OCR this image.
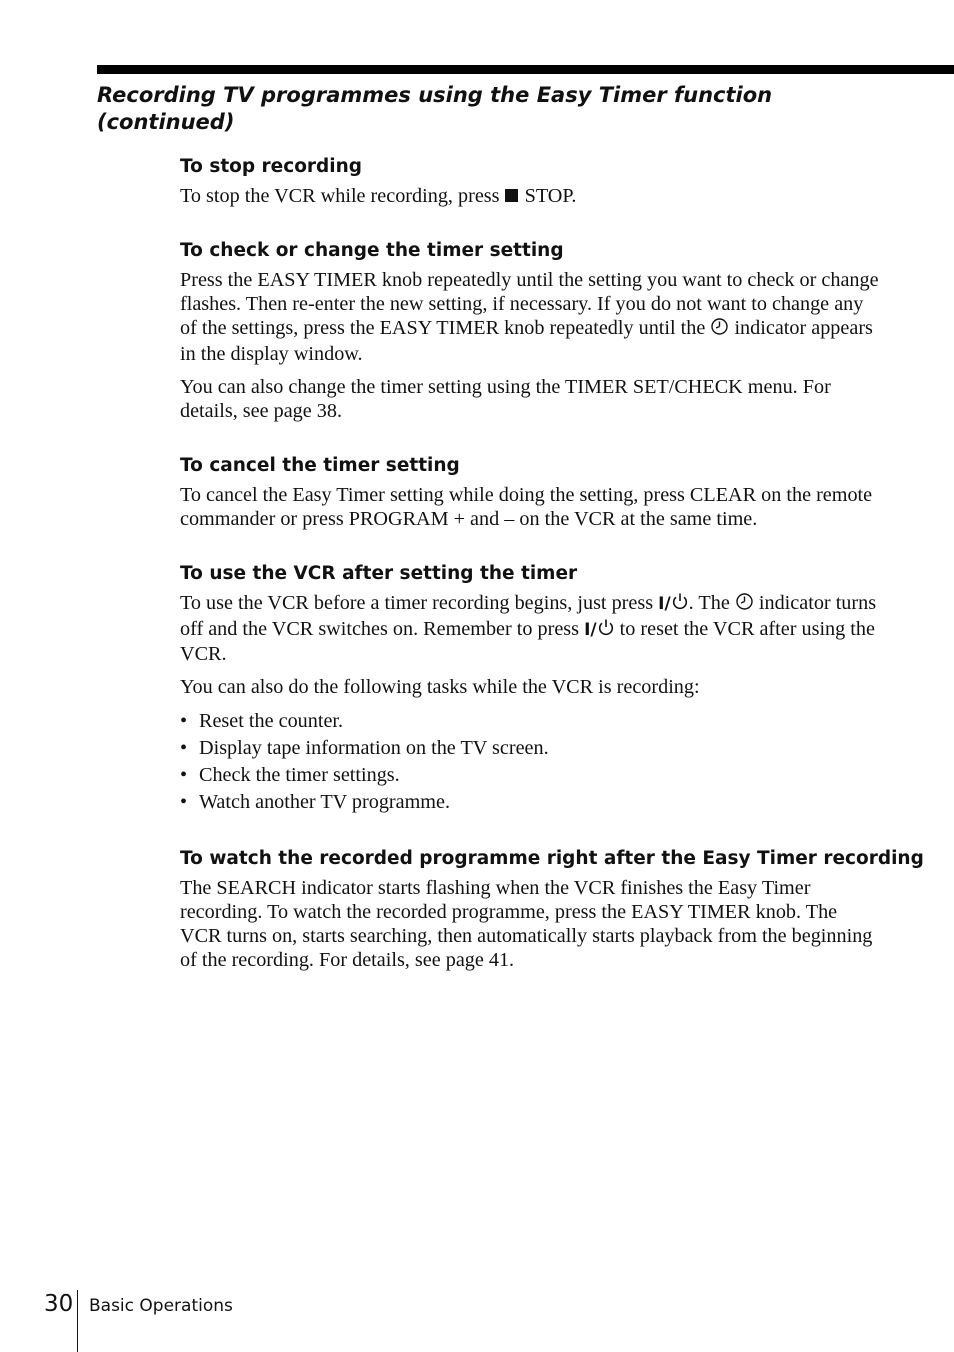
Recording TV programmes using the Easy Timer function
(continued)
To stop recording

To stop the VCR while recording, press STOP.

To check or change the timer setting

Press the EASY TIMER knob repeatedly until the setting you want to check or change flashes. Then re-enter the new setting, if necessary. If you do not want to change any of the settings, press the EASY TIMER knob repeatedly until the indicator appears in the display window.

You can also change the timer setting using the TIMER SET/CHECK menu. For details, see page 38.

To cancel the timer setting

To cancel the Easy Timer setting while doing the setting, press CLEAR on the remote commander or press PROGRAM + and – on the VCR at the same time.

To use the VCR after setting the timer

To use the VCR before a timer recording begins, just press I/ . The indicator turns off and the VCR switches on. Remember to press I/ to reset the VCR after using the VCR.

You can also do the following tasks while the VCR is recording:

• Reset the counter.
• Display tape information on the TV screen.
• Check the timer settings.
• Watch another TV programme.
To watch the recorded programme right after the Easy Timer recording

The SEARCH indicator starts flashing when the VCR finishes the Easy Timer recording. To watch the recorded programme, press the EASY TIMER knob. The VCR turns on, starts searching, then automatically starts playback from the beginning of the recording. For details, see page 41.

30 Basic Operations
